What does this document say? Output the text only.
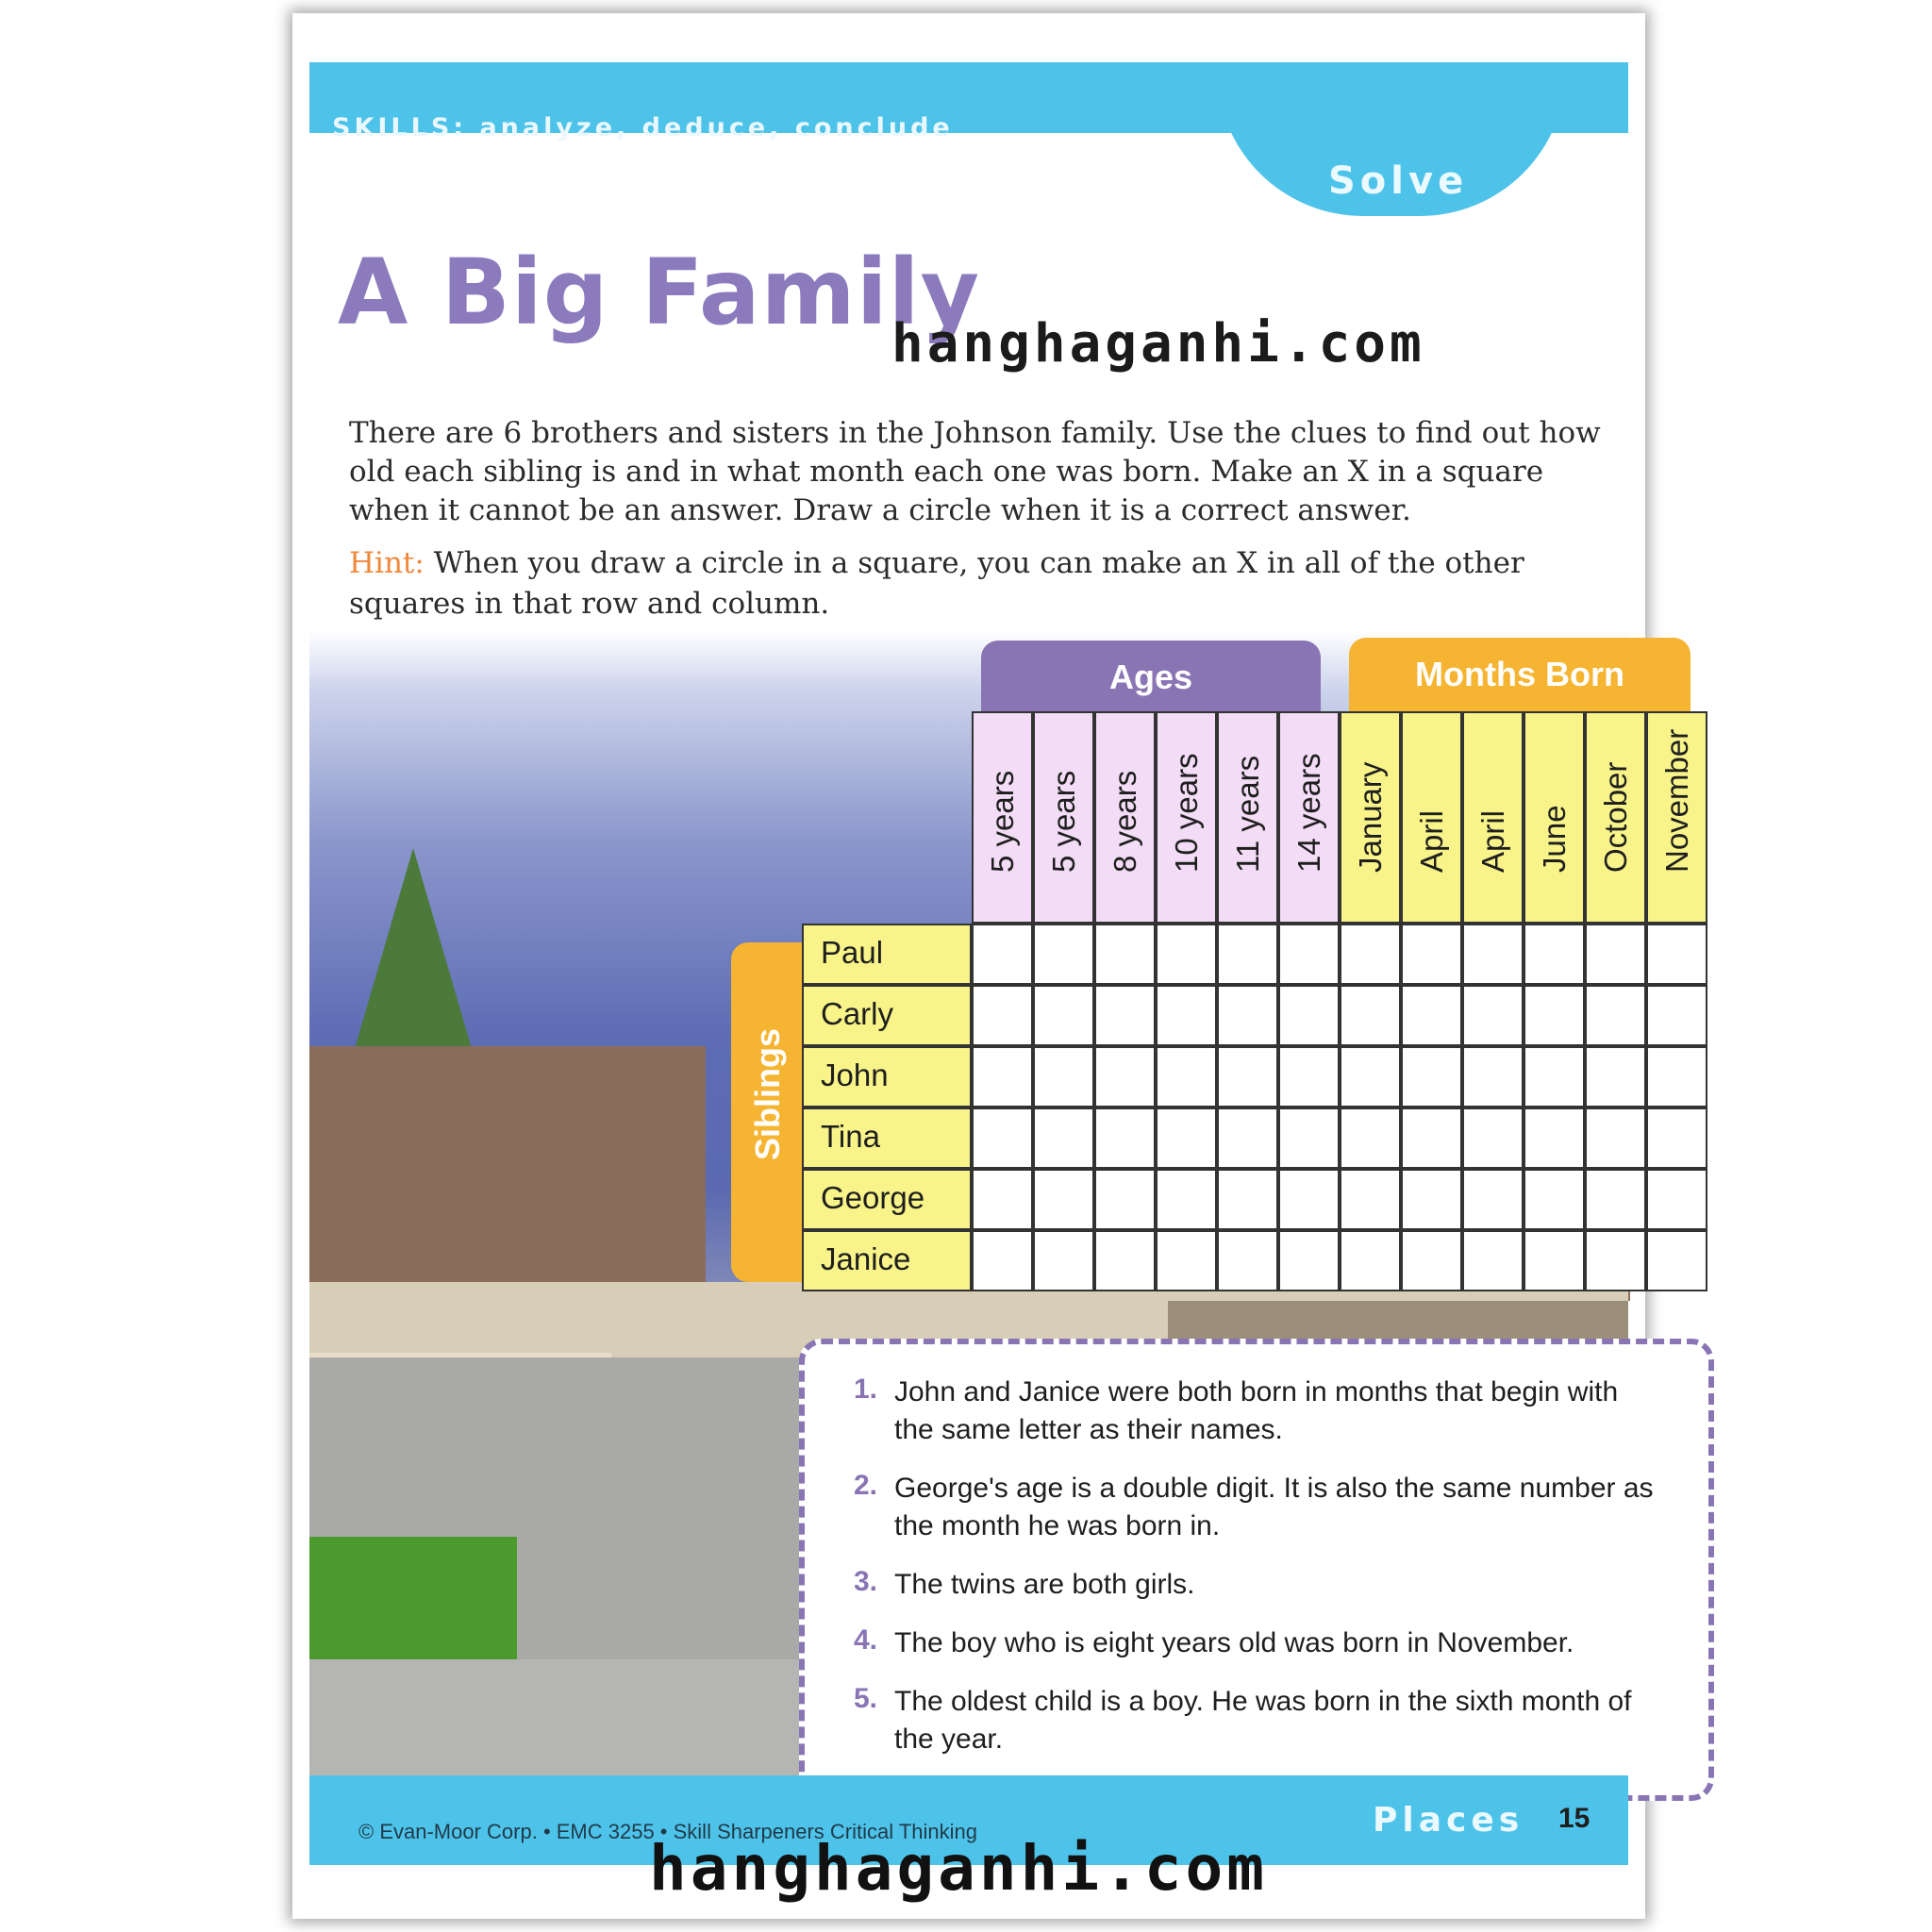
SKILLS: analyze, deduce, conclude
Solve
A Big Family
hanghaganhi.com
There are 6 brothers and sisters in the Johnson family. Use the clues to find out how old each sibling is and in what month each one was born. Make an X in a square when it cannot be an answer. Draw a circle when it is a correct answer.
Hint: When you draw a circle in a square, you can make an X in all of the other squares in that row and column.
Ages	Months Born
Siblings
5 years 5 years 8 years 10 years 11 years 14 years January April April June October November
Paul
Carly
John
Tina
George
Janice
1. John and Janice were both born in months that begin with the same letter as their names.
2. George's age is a double digit. It is also the same number as the month he was born in.
3. The twins are both girls.
4. The boy who is eight years old was born in November.
5. The oldest child is a boy. He was born in the sixth month of the year.
© Evan-Moor Corp. • EMC 3255 • Skill Sharpeners Critical Thinking	Places 15
hanghaganhi.com
